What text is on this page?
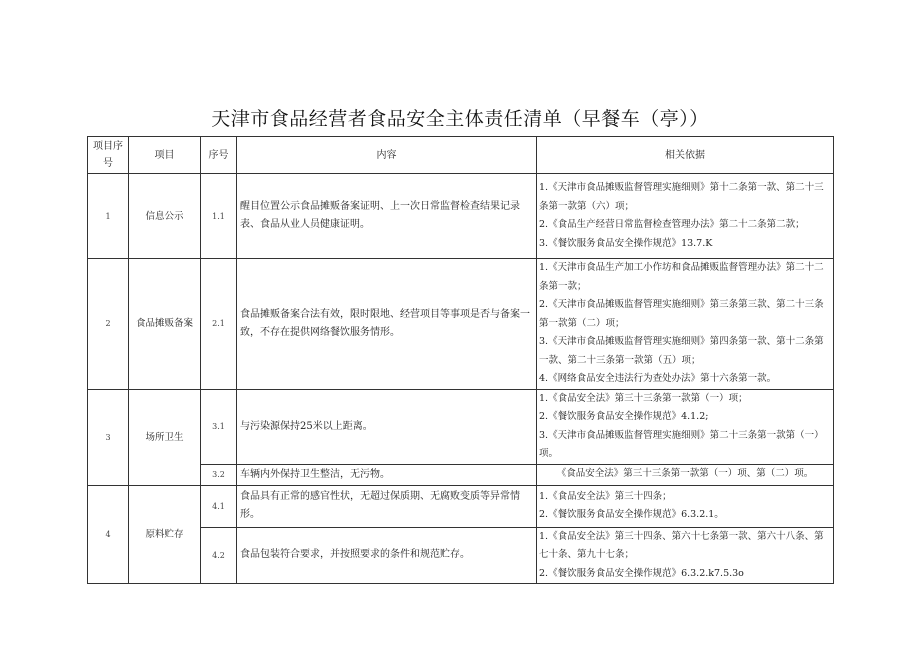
天津市食品经营者食品安全主体责任清单（早餐车（亭））
项目序号	项目	序号	内容	相关依据
1	信息公示	1.1	醒目位置公示食品摊贩备案证明、上一次日常监督检查结果记录表、食品从业人员健康证明。	1.《天津市食品摊贩监督管理实施细则》第十二条第一款、第二十三条第一款第（六）项；
2.《食品生产经营日常监督检查管理办法》第二十二条第二款；
3.《餐饮服务食品安全操作规范》13.7.K

2	食品摊贩备案	2.1	食品摊贩备案合法有效，限时限地、经营项目等事项是否与备案一致，不存在提供网络餐饮服务情形。	1.《天津市食品生产加工小作坊和食品摊贩监督管理办法》第二十二条第一款；
2.《天津市食品摊贩监督管理实施细则》第三条第三款、第二十三条第一款第（二）项；
3.《天津市食品摊贩监督管理实施细则》第四条第一款、第十二条第一款、第二十三条第一款第（五）项；
4.《网络食品安全违法行为查处办法》第十六条第一款。

3	场所卫生	3.1	与污染源保持25米以上距离。	1.《食品安全法》第三十三条第一款第（一）项；
2.《餐饮服务食品安全操作规范》4.1.2;
3.《天津市食品摊贩监督管理实施细则》第二十三条第一款第（一）项。

		3.2	车辆内外保持卫生整洁，无污物。	《食品安全法》第三十三条第一款第（一）项、第（二）项。

4	原料贮存	4.1	食品具有正常的感官性状，无超过保质期、无腐败变质等异常情形。	1.《食品安全法》第三十四条；
2.《餐饮服务食品安全操作规范》6.3.2.1。

		4.2	食品包装符合要求，并按照要求的条件和规范贮存。	1.《食品安全法》第三十四条、第六十七条第一款、第六十八条、第七十条、第九十七条；
2.《餐饮服务食品安全操作规范》6.3.2.k7.5.3o
